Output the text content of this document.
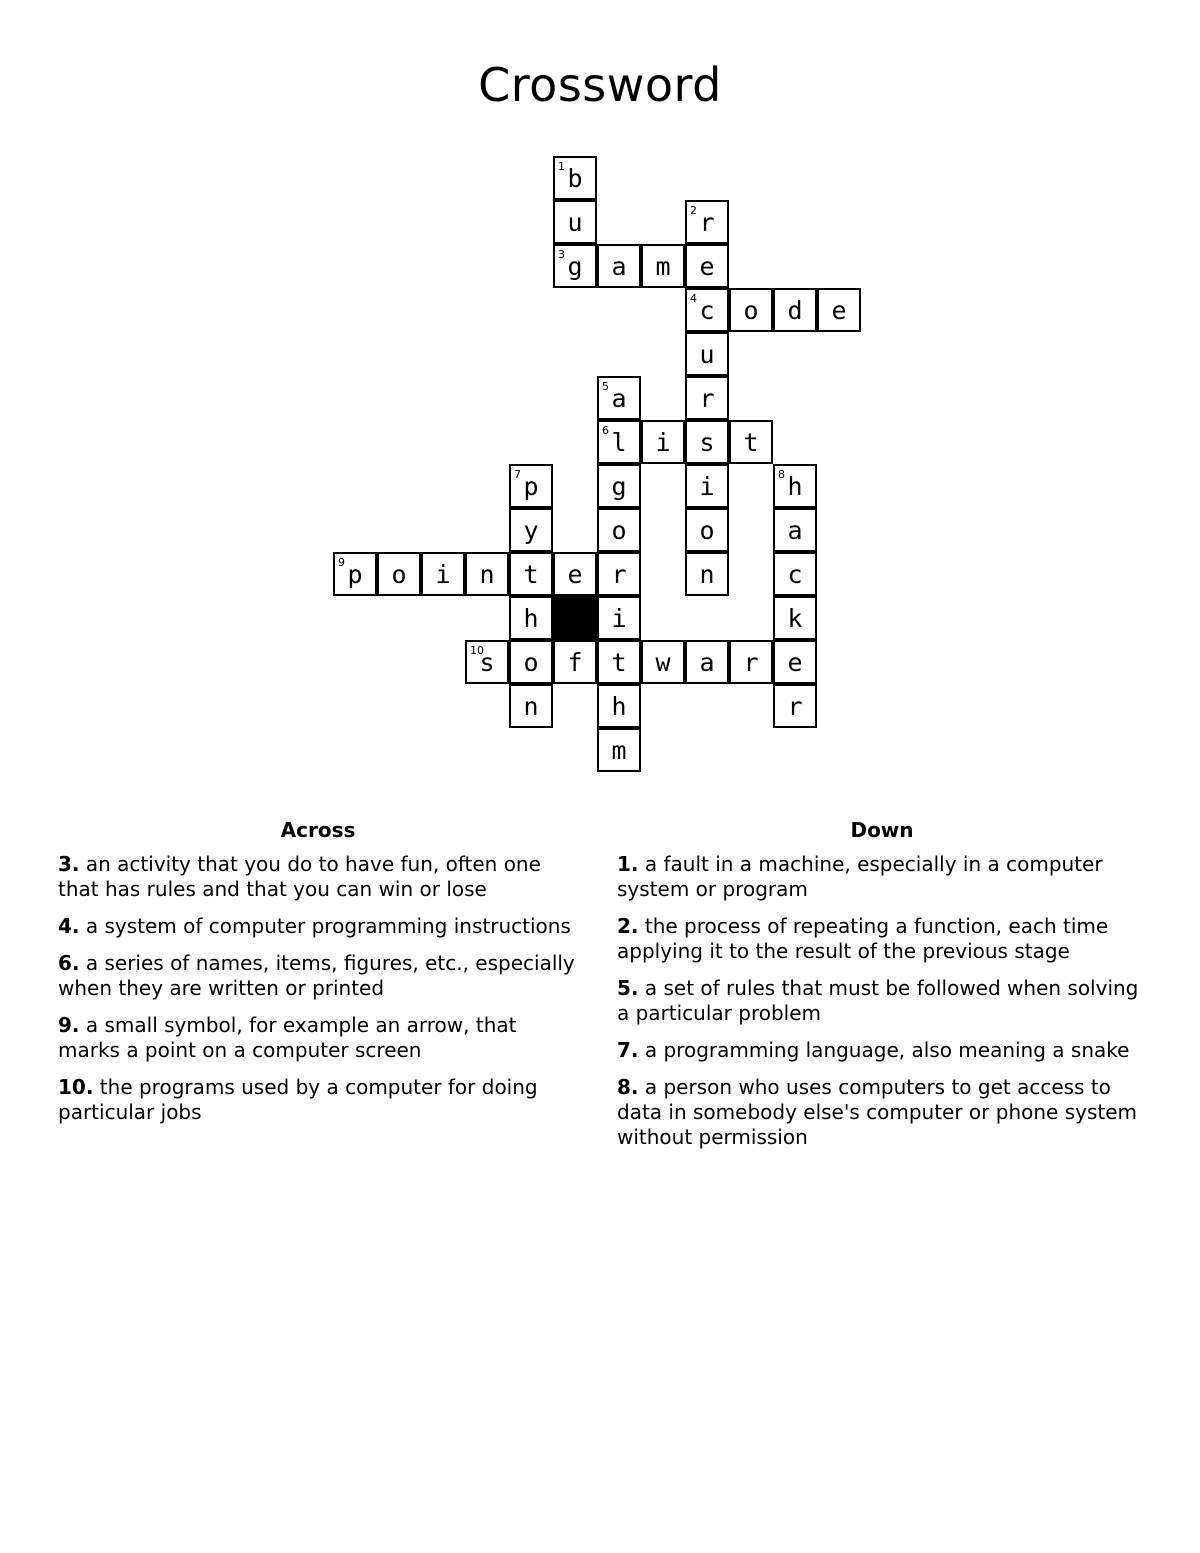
Crossword
1 b
u	2 r
3 g	a	m	e
4 c	o	d	e
u
5 a	r
6 l	i	s	t
7 p	g	i	8 h
y	o	o	a
9 p	o	i	n	t	e	r	n	c
h	i	k
10
s	o	f	t	w	a	r	e
n	h	r
m
Across
3. an activity that you do to have fun, often one that has rules and that you can win or lose
4. a system of computer programming instructions
6. a series of names, items, figures, etc., especially when they are written or printed
9. a small symbol, for example an arrow, that marks a point on a computer screen
10. the programs used by a computer for doing particular jobs
Down
1. a fault in a machine, especially in a computer system or program
2. the process of repeating a function, each time applying it to the result of the previous stage
5. a set of rules that must be followed when solving a particular problem
7. a programming language, also meaning a snake
8. a person who uses computers to get access to data in somebody else's computer or phone system without permission
